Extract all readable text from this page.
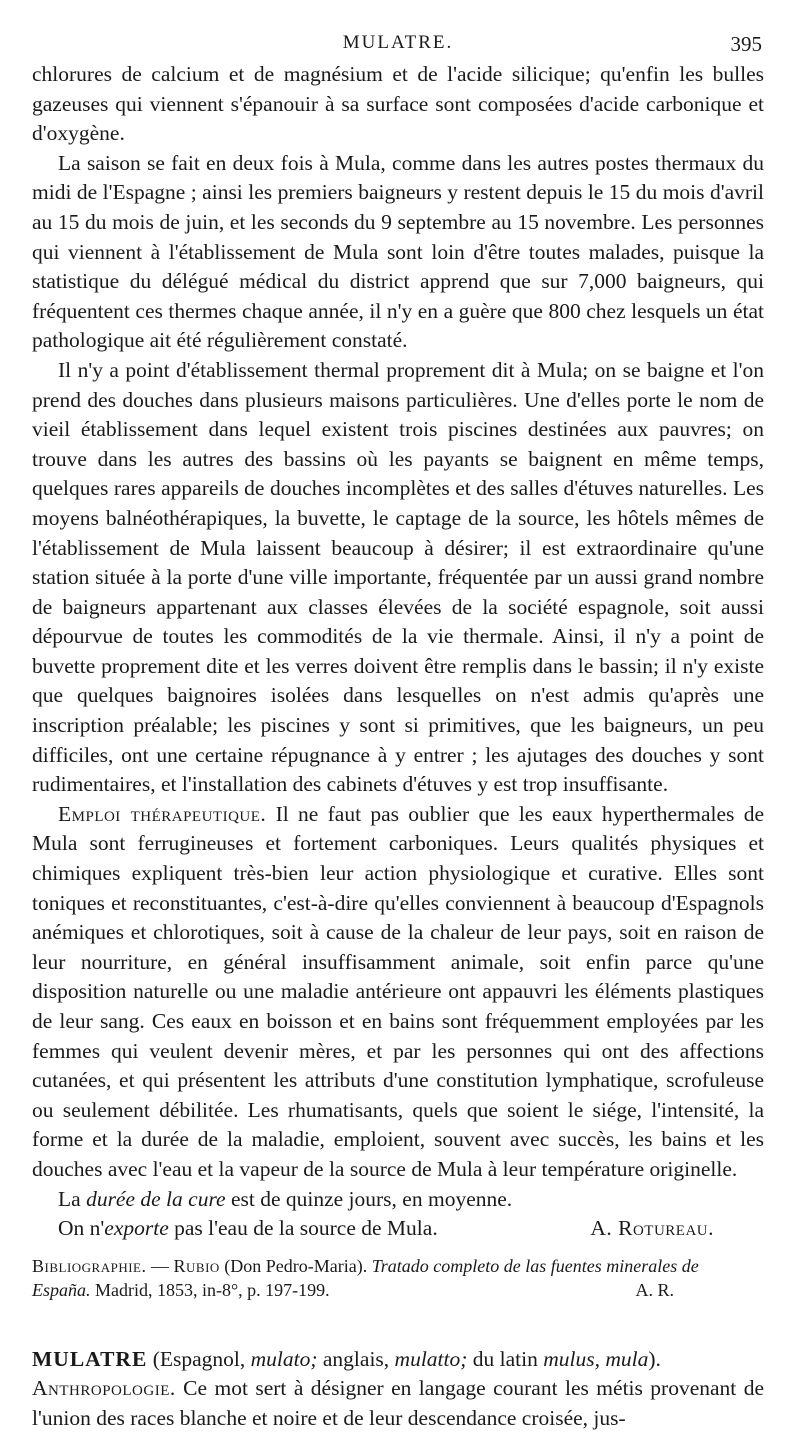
MULATRE.	395

chlorures de calcium et de magnésium et de l'acide silicique; qu'enfin les bulles gazeuses qui viennent s'épanouir à sa surface sont composées d'acide carbonique et d'oxygène.

La saison se fait en deux fois à Mula, comme dans les autres postes thermaux du midi de l'Espagne ; ainsi les premiers baigneurs y restent depuis le 15 du mois d'avril au 15 du mois de juin, et les seconds du 9 septembre au 15 novembre. Les personnes qui viennent à l'établissement de Mula sont loin d'être toutes malades, puisque la statistique du délégué médical du district apprend que sur 7,000 baigneurs, qui fréquentent ces thermes chaque année, il n'y en a guère que 800 chez lesquels un état pathologique ait été régulièrement constaté.

Il n'y a point d'établissement thermal proprement dit à Mula; on se baigne et l'on prend des douches dans plusieurs maisons particulières. Une d'elles porte le nom de vieil établissement dans lequel existent trois piscines destinées aux pauvres; on trouve dans les autres des bassins où les payants se baignent en même temps, quelques rares appareils de douches incomplètes et des salles d'étuves naturelles. Les moyens balnéothérapiques, la buvette, le captage de la source, les hôtels mêmes de l'établissement de Mula laissent beaucoup à désirer; il est extraordinaire qu'une station située à la porte d'une ville importante, fréquentée par un aussi grand nombre de baigneurs appartenant aux classes élevées de la société espagnole, soit aussi dépourvue de toutes les commodités de la vie thermale. Ainsi, il n'y a point de buvette proprement dite et les verres doivent être remplis dans le bassin; il n'y existe que quelques baignoires isolées dans lesquelles on n'est admis qu'après une inscription préalable; les piscines y sont si primitives, que les baigneurs, un peu difficiles, ont une certaine répugnance à y entrer ; les ajutages des douches y sont rudimentaires, et l'installation des cabinets d'étuves y est trop insuffisante.

Emploi thérapeutique. Il ne faut pas oublier que les eaux hyperthermales de Mula sont ferrugineuses et fortement carboniques. Leurs qualités physiques et chimiques expliquent très-bien leur action physiologique et curative. Elles sont toniques et reconstituantes, c'est-à-dire qu'elles conviennent à beaucoup d'Espagnols anémiques et chlorotiques, soit à cause de la chaleur de leur pays, soit en raison de leur nourriture, en général insuffisamment animale, soit enfin parce qu'une disposition naturelle ou une maladie antérieure ont appauvri les éléments plastiques de leur sang. Ces eaux en boisson et en bains sont fréquemment employées par les femmes qui veulent devenir mères, et par les personnes qui ont des affections cutanées, et qui présentent les attributs d'une constitution lymphatique, scrofuleuse ou seulement débilitée. Les rhumatisants, quels que soient le siége, l'intensité, la forme et la durée de la maladie, emploient, souvent avec succès, les bains et les douches avec l'eau et la vapeur de la source de Mula à leur température originelle.

La durée de la cure est de quinze jours, en moyenne.

On n'exporte pas l'eau de la source de Mula.	A. Rotureau.
Bibliographie. — Rubio (Don Pedro-Maria). Tratado completo de las fuentes minerales de
España. Madrid, 1853, in-8°, p. 197-199.	A. R.

MULATRE (Espagnol, mulato; anglais, mulatto; du latin mulus, mula).

Anthropologie. Ce mot sert à désigner en langage courant les métis provenant de l'union des races blanche et noire et de leur descendance croisée, jus-
